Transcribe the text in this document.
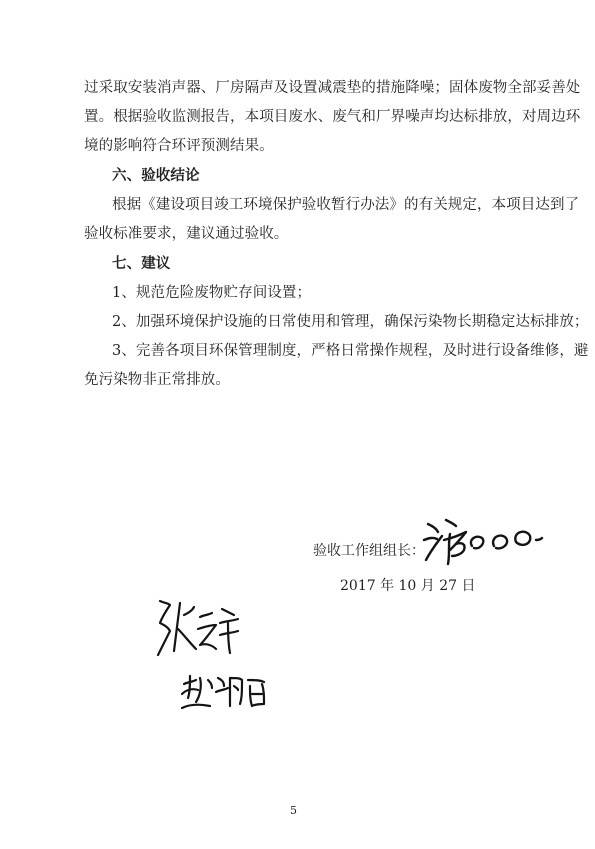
过采取安装消声器、厂房隔声及设置减震垫的措施降噪；固体废物全部妥善处
置。根据验收监测报告，本项目废水、废气和厂界噪声均达标排放，对周边环
境的影响符合环评预测结果。
六、验收结论
根据《建设项目竣工环境保护验收暂行办法》的有关规定，本项目达到了
验收标准要求，建议通过验收。
七、建议
1、规范危险废物贮存间设置；
2、加强环境保护设施的日常使用和管理，确保污染物长期稳定达标排放；
3、完善各项目环保管理制度，严格日常操作规程，及时进行设备维修，避
免污染物非正常排放。
验收工作组组长：
2017 年 10 月 27 日
5
